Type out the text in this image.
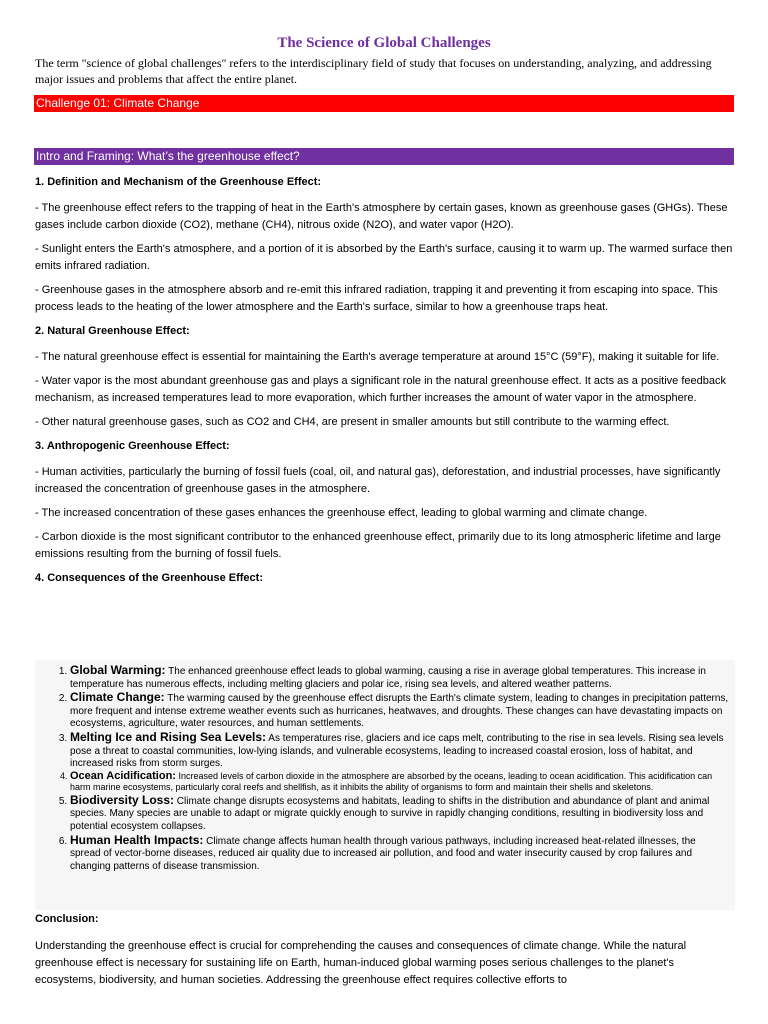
The Science of Global Challenges
The term "science of global challenges" refers to the interdisciplinary field of study that focuses on understanding, analyzing, and addressing major issues and problems that affect the entire planet.
Challenge 01: Climate Change
Intro and Framing: What’s the greenhouse effect?

1. Definition and Mechanism of the Greenhouse Effect:

- The greenhouse effect refers to the trapping of heat in the Earth's atmosphere by certain gases, known as greenhouse gases (GHGs). These gases include carbon dioxide (CO2), methane (CH4), nitrous oxide (N2O), and water vapor (H2O).

- Sunlight enters the Earth's atmosphere, and a portion of it is absorbed by the Earth's surface, causing it to warm up. The warmed surface then emits infrared radiation.

- Greenhouse gases in the atmosphere absorb and re-emit this infrared radiation, trapping it and preventing it from escaping into space. This process leads to the heating of the lower atmosphere and the Earth's surface, similar to how a greenhouse traps heat.

2. Natural Greenhouse Effect:

- The natural greenhouse effect is essential for maintaining the Earth's average temperature at around 15°C (59°F), making it suitable for life.

- Water vapor is the most abundant greenhouse gas and plays a significant role in the natural greenhouse effect. It acts as a positive feedback mechanism, as increased temperatures lead to more evaporation, which further increases the amount of water vapor in the atmosphere.

- Other natural greenhouse gases, such as CO2 and CH4, are present in smaller amounts but still contribute to the warming effect.

3. Anthropogenic Greenhouse Effect:

- Human activities, particularly the burning of fossil fuels (coal, oil, and natural gas), deforestation, and industrial processes, have significantly increased the concentration of greenhouse gases in the atmosphere.

- The increased concentration of these gases enhances the greenhouse effect, leading to global warming and climate change.

- Carbon dioxide is the most significant contributor to the enhanced greenhouse effect, primarily due to its long atmospheric lifetime and large emissions resulting from the burning of fossil fuels.

4. Consequences of the Greenhouse Effect:

1. Global Warming: The enhanced greenhouse effect leads to global warming, causing a rise in average global temperatures. This increase in temperature has numerous effects, including melting glaciers and polar ice, rising sea levels, and altered weather patterns.
2. Climate Change: The warming caused by the greenhouse effect disrupts the Earth's climate system, leading to changes in precipitation patterns, more frequent and intense extreme weather events such as hurricanes, heatwaves, and droughts. These changes can have devastating impacts on ecosystems, agriculture, water resources, and human settlements.
3. Melting Ice and Rising Sea Levels: As temperatures rise, glaciers and ice caps melt, contributing to the rise in sea levels. Rising sea levels pose a threat to coastal communities, low-lying islands, and vulnerable ecosystems, leading to increased coastal erosion, loss of habitat, and increased risks from storm surges.
4. Ocean Acidification: Increased levels of carbon dioxide in the atmosphere are absorbed by the oceans, leading to ocean acidification. This acidification can harm marine ecosystems, particularly coral reefs and shellfish, as it inhibits the ability of organisms to form and maintain their shells and skeletons.
5. Biodiversity Loss: Climate change disrupts ecosystems and habitats, leading to shifts in the distribution and abundance of plant and animal species. Many species are unable to adapt or migrate quickly enough to survive in rapidly changing conditions, resulting in biodiversity loss and potential ecosystem collapses.
6. Human Health Impacts: Climate change affects human health through various pathways, including increased heat-related illnesses, the spread of vector-borne diseases, reduced air quality due to increased air pollution, and food and water insecurity caused by crop failures and changing patterns of disease transmission.
Conclusion:
Understanding the greenhouse effect is crucial for comprehending the causes and consequences of climate change. While the natural greenhouse effect is necessary for sustaining life on Earth, human-induced global warming poses serious challenges to the planet's ecosystems, biodiversity, and human societies. Addressing the greenhouse effect requires collective efforts to
